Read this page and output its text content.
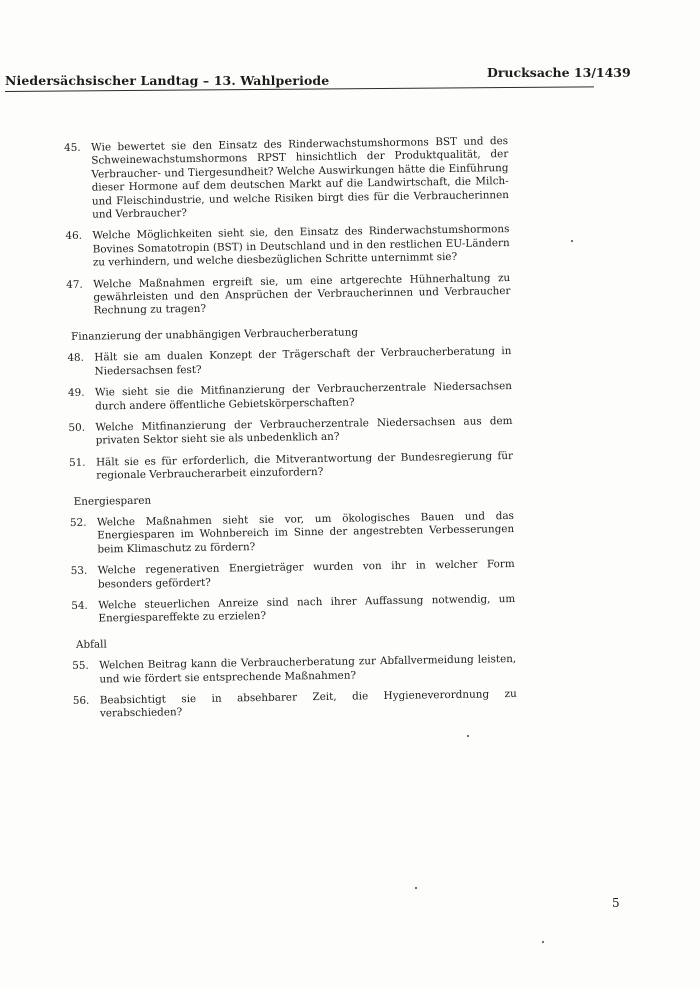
Niedersächsischer Landtag – 13. Wahlperiode
Drucksache 13/1439
45. Wie bewertet sie den Einsatz des Rinderwachstumshormons BST und des Schweinewachstumshormons RPST hinsichtlich der Produktqualität, der Verbraucher- und Tiergesundheit? Welche Auswirkungen hätte die Einführung dieser Hormone auf dem deutschen Markt auf die Landwirtschaft, die Milch- und Fleischindustrie, und welche Risiken birgt dies für die Verbraucherinnen und Verbraucher?
46. Welche Möglichkeiten sieht sie, den Einsatz des Rinderwachstumshormons Bovines Somatotropin (BST) in Deutschland und in den restlichen EU-Ländern zu verhindern, und welche diesbezüglichen Schritte unternimmt sie?
47. Welche Maßnahmen ergreift sie, um eine artgerechte Hühnerhaltung zu gewährleisten und den Ansprüchen der Verbraucherinnen und Verbraucher Rechnung zu tragen?
Finanzierung der unabhängigen Verbraucherberatung
48. Hält sie am dualen Konzept der Trägerschaft der Verbraucherberatung in Niedersachsen fest?
49. Wie sieht sie die Mitfinanzierung der Verbraucherzentrale Niedersachsen durch andere öffentliche Gebietskörperschaften?
50. Welche Mitfinanzierung der Verbraucherzentrale Niedersachsen aus dem privaten Sektor sieht sie als unbedenklich an?
51. Hält sie es für erforderlich, die Mitverantwortung der Bundesregierung für regionale Verbraucherarbeit einzufordern?
Energiesparen
52. Welche Maßnahmen sieht sie vor, um ökologisches Bauen und das Energiesparen im Wohnbereich im Sinne der angestrebten Verbesserungen beim Klimaschutz zu fördern?
53. Welche regenerativen Energieträger wurden von ihr in welcher Form besonders gefördert?
54. Welche steuerlichen Anreize sind nach ihrer Auffassung notwendig, um Energiespareffekte zu erzielen?
Abfall
55. Welchen Beitrag kann die Verbraucherberatung zur Abfallvermeidung leisten, und wie fördert sie entsprechende Maßnahmen?
56. Beabsichtigt sie in absehbarer Zeit, die Hygieneverordnung zu verabschieden?
5
